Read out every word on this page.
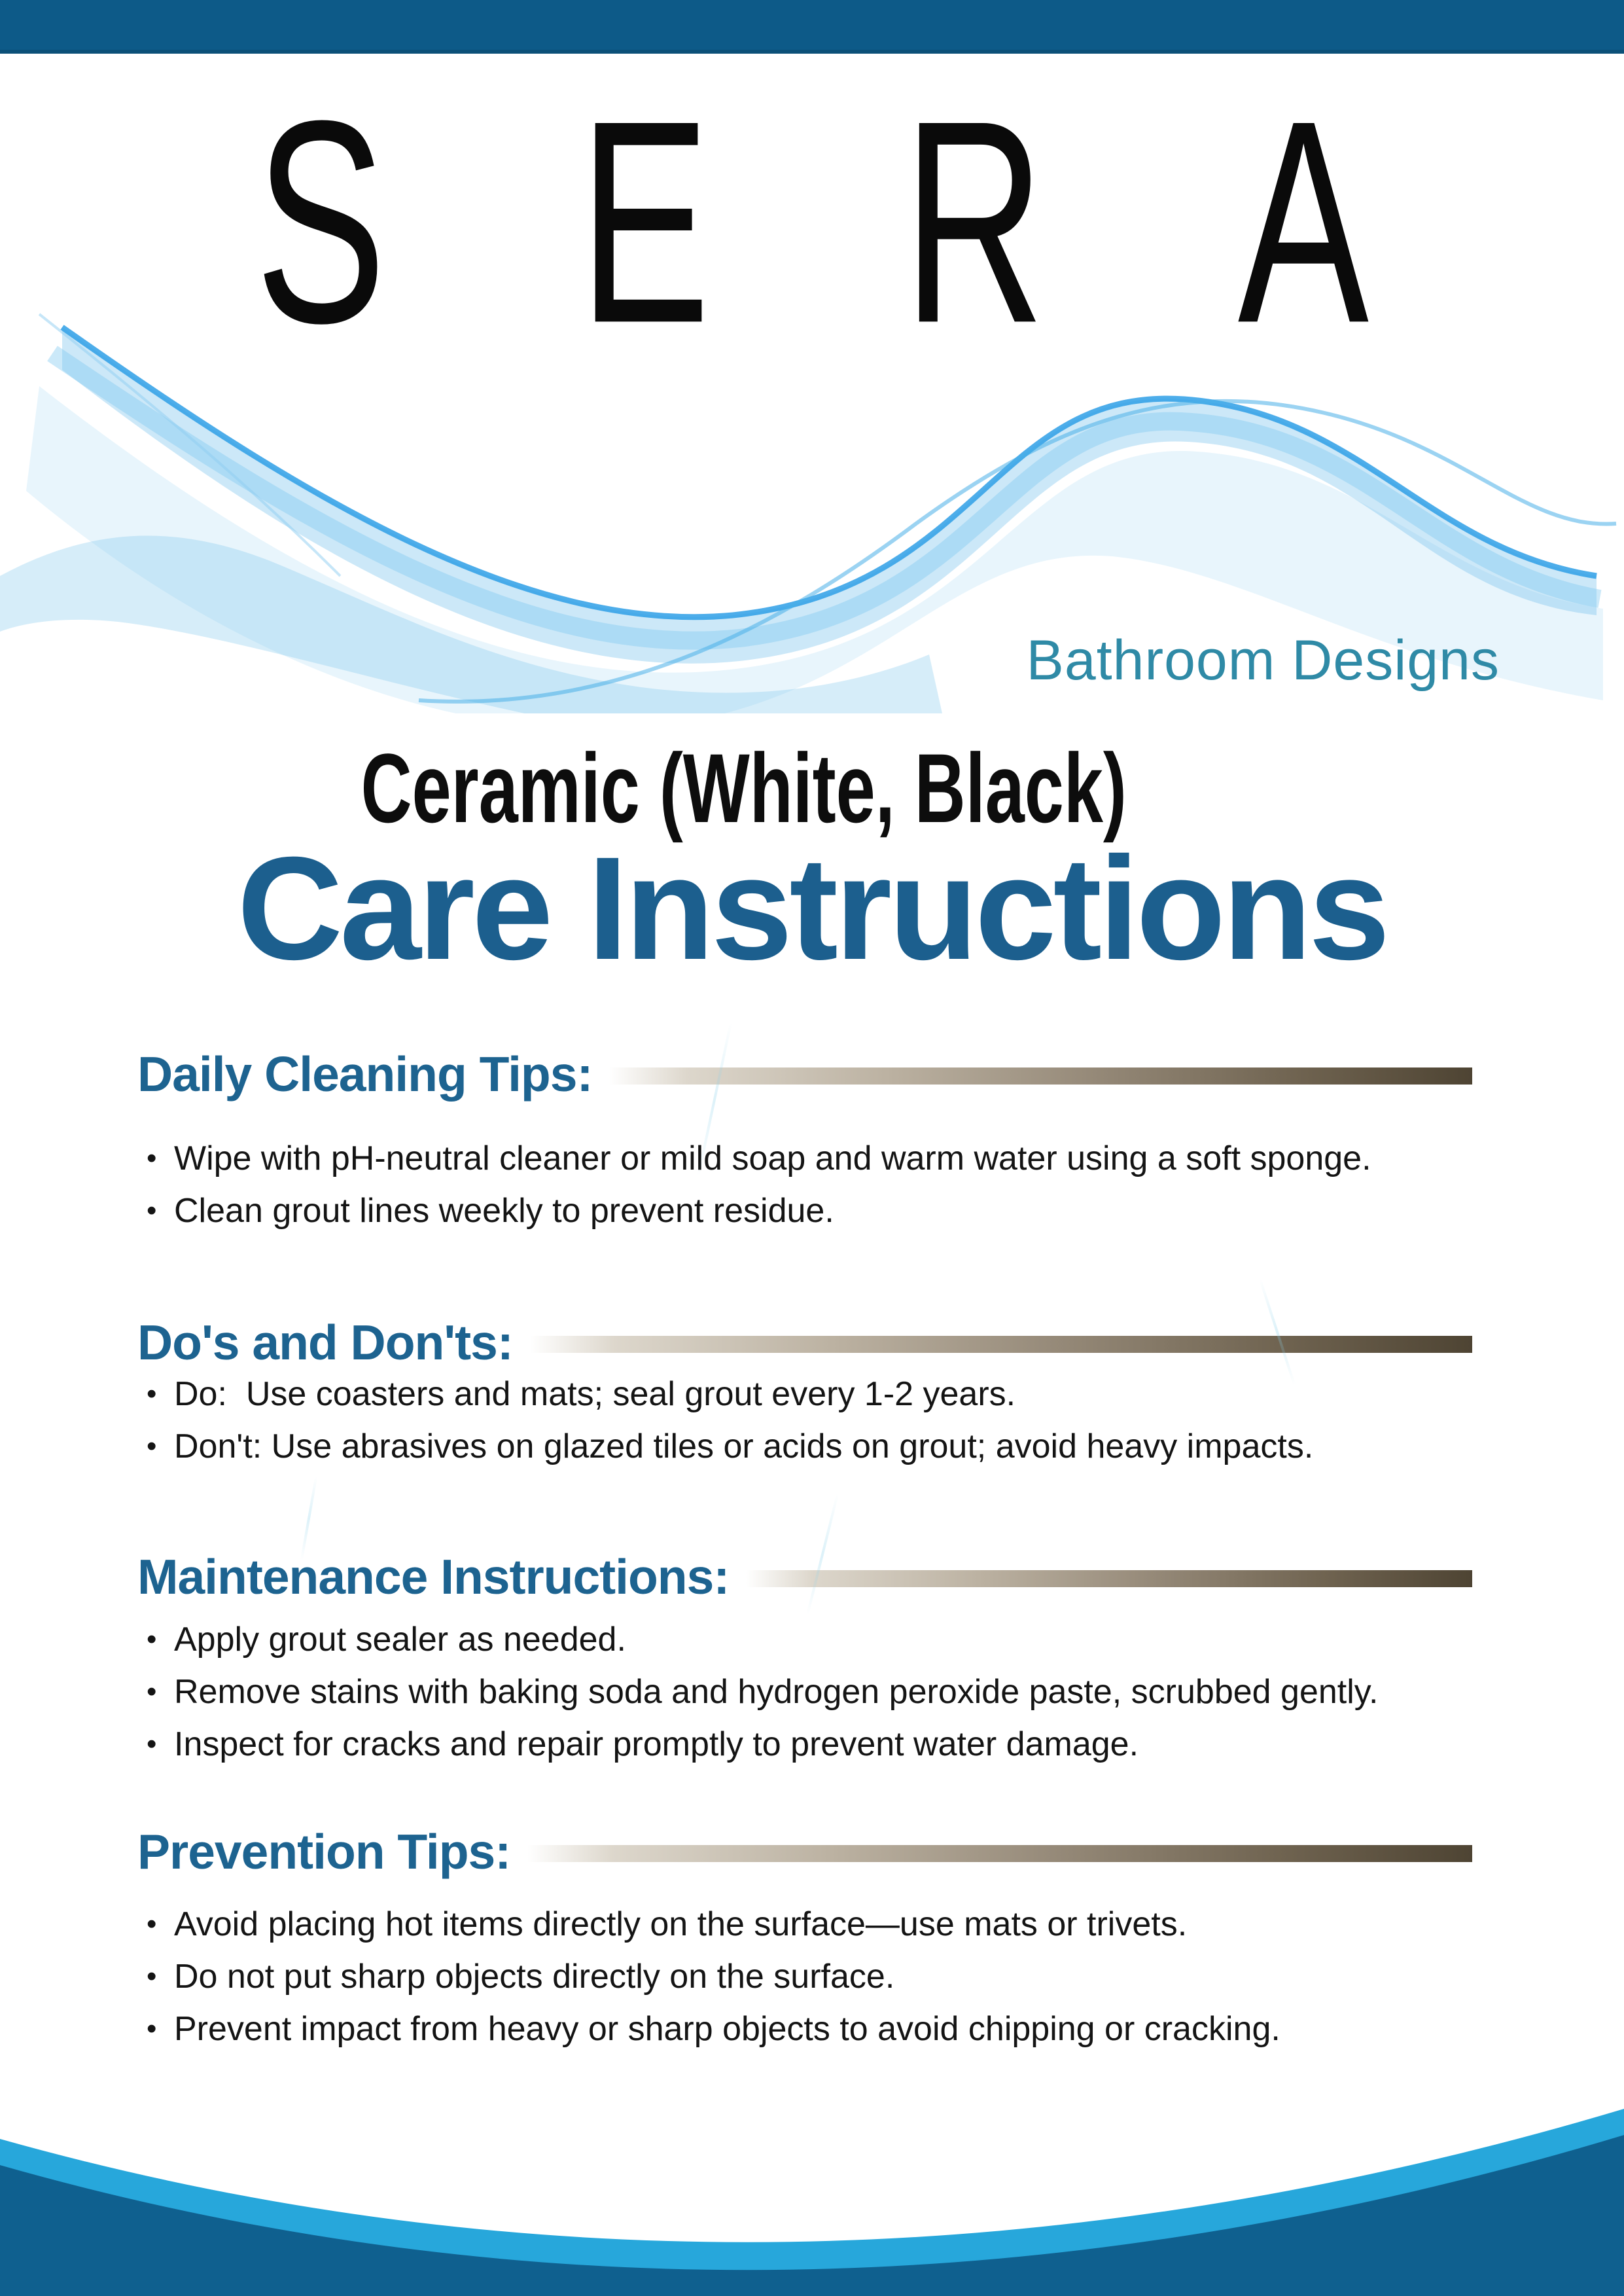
SERA
Bathroom Designs
Ceramic (White, Black)
Care Instructions
Daily Cleaning Tips:
• Wipe with pH-neutral cleaner or mild soap and warm water using a soft sponge.
• Clean grout lines weekly to prevent residue.
Do's and Don'ts:
• Do:  Use coasters and mats; seal grout every 1-2 years.
• Don't: Use abrasives on glazed tiles or acids on grout; avoid heavy impacts.
Maintenance Instructions:
• Apply grout sealer as needed.
• Remove stains with baking soda and hydrogen peroxide paste, scrubbed gently.
• Inspect for cracks and repair promptly to prevent water damage.
Prevention Tips:
• Avoid placing hot items directly on the surface—use mats or trivets.
• Do not put sharp objects directly on the surface.
• Prevent impact from heavy or sharp objects to avoid chipping or cracking.
